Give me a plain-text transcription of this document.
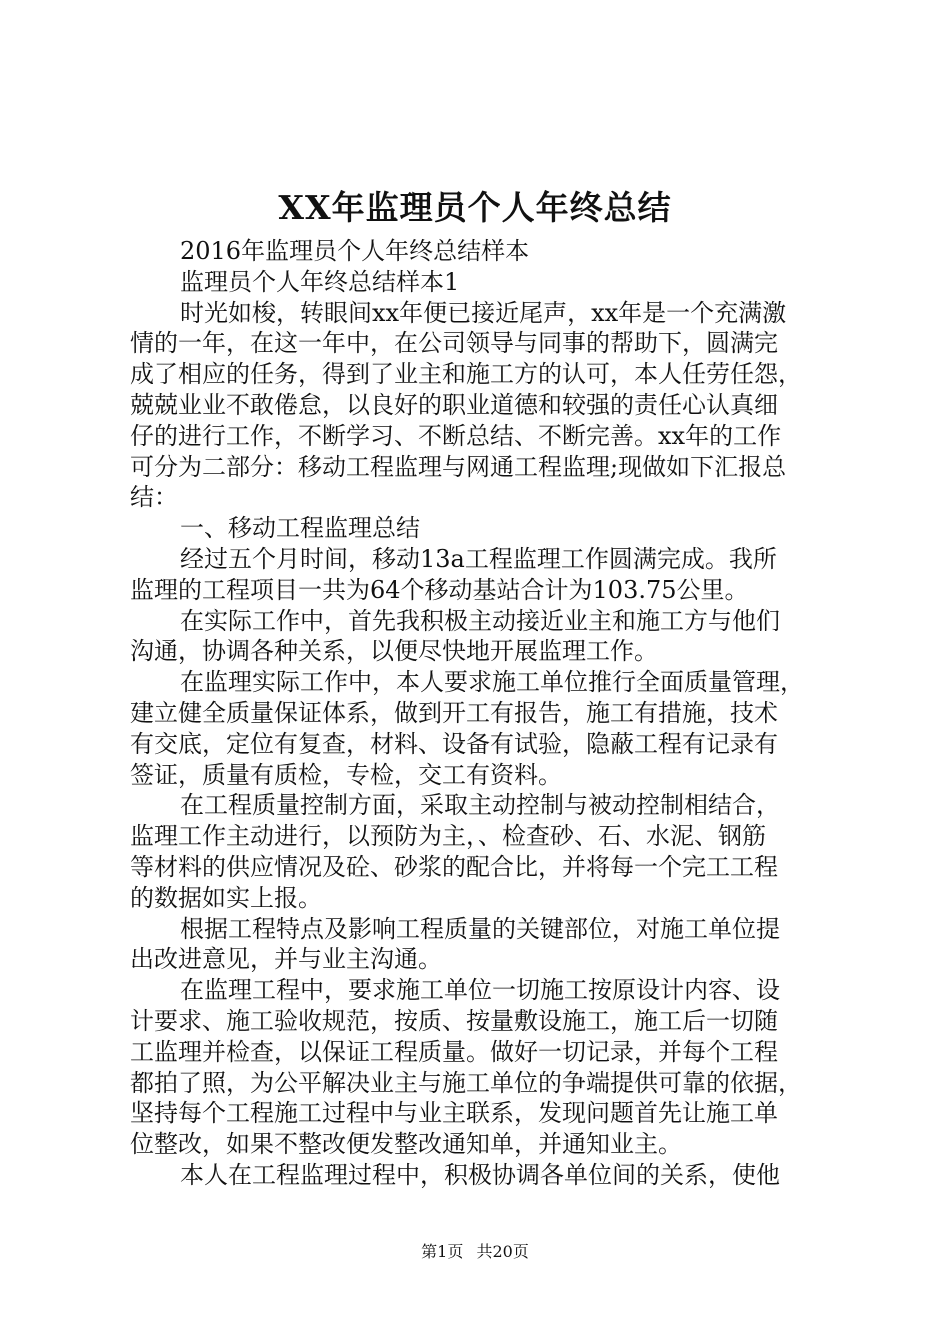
XX年监理员个人年终总结
2016年监理员个人年终总结样本
监理员个人年终总结样本1
时光如梭，转眼间xx年便已接近尾声，xx年是一个充满激
情的一年，在这一年中，在公司领导与同事的帮助下，圆满完
成了相应的任务，得到了业主和施工方的认可，本人任劳任怨，
兢兢业业不敢倦怠，以良好的职业道德和较强的责任心认真细
仔的进行工作，不断学习、不断总结、不断完善。xx年的工作
可分为二部分：移动工程监理与网通工程监理;现做如下汇报总
结：
一、移动工程监理总结
经过五个月时间，移动13a工程监理工作圆满完成。我所
监理的工程项目一共为64个移动基站合计为103.75公里。
在实际工作中，首先我积极主动接近业主和施工方与他们
沟通，协调各种关系，以便尽快地开展监理工作。
在监理实际工作中，本人要求施工单位推行全面质量管理，
建立健全质量保证体系，做到开工有报告，施工有措施，技术
有交底，定位有复查，材料、设备有试验，隐蔽工程有记录有
签证，质量有质检，专检，交工有资料。
在工程质量控制方面，采取主动控制与被动控制相结合，
监理工作主动进行，以预防为主，、检查砂、石、水泥、钢筋
等材料的供应情况及砼、砂浆的配合比，并将每一个完工工程
的数据如实上报。
根据工程特点及影响工程质量的关键部位，对施工单位提
出改进意见，并与业主沟通。
在监理工程中，要求施工单位一切施工按原设计内容、设
计要求、施工验收规范，按质、按量敷设施工，施工后一切随
工监理并检查，以保证工程质量。做好一切记录，并每个工程
都拍了照，为公平解决业主与施工单位的争端提供可靠的依据，
坚持每个工程施工过程中与业主联系，发现问题首先让施工单
位整改，如果不整改便发整改通知单，并通知业主。
本人在工程监理过程中，积极协调各单位间的关系，使他
第1页 共20页
